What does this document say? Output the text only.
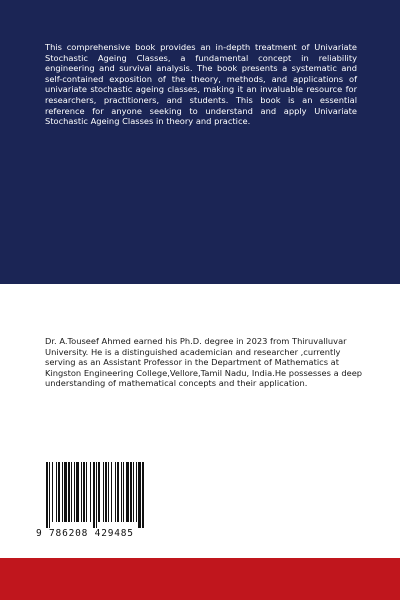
This comprehensive book provides an in-depth treatment of Univariate Stochastic Ageing Classes, a fundamental concept in reliability engineering and survival analysis. The book presents a systematic and self-contained exposition of the theory, methods, and applications of univariate stochastic ageing classes, making it an invaluable resource for researchers, practitioners, and students. This book is an essential reference for anyone seeking to understand and apply Univariate Stochastic Ageing Classes in theory and practice.

Dr. A.Touseef Ahmed earned his Ph.D. degree in 2023 from Thiruvalluvar University. He is a distinguished academician and researcher ,currently serving as an Assistant Professor in the Department of Mathematics at Kingston Engineering College,Vellore,Tamil Nadu, India.He possesses a deep understanding of mathematical concepts and their application.

9 786208 429485
